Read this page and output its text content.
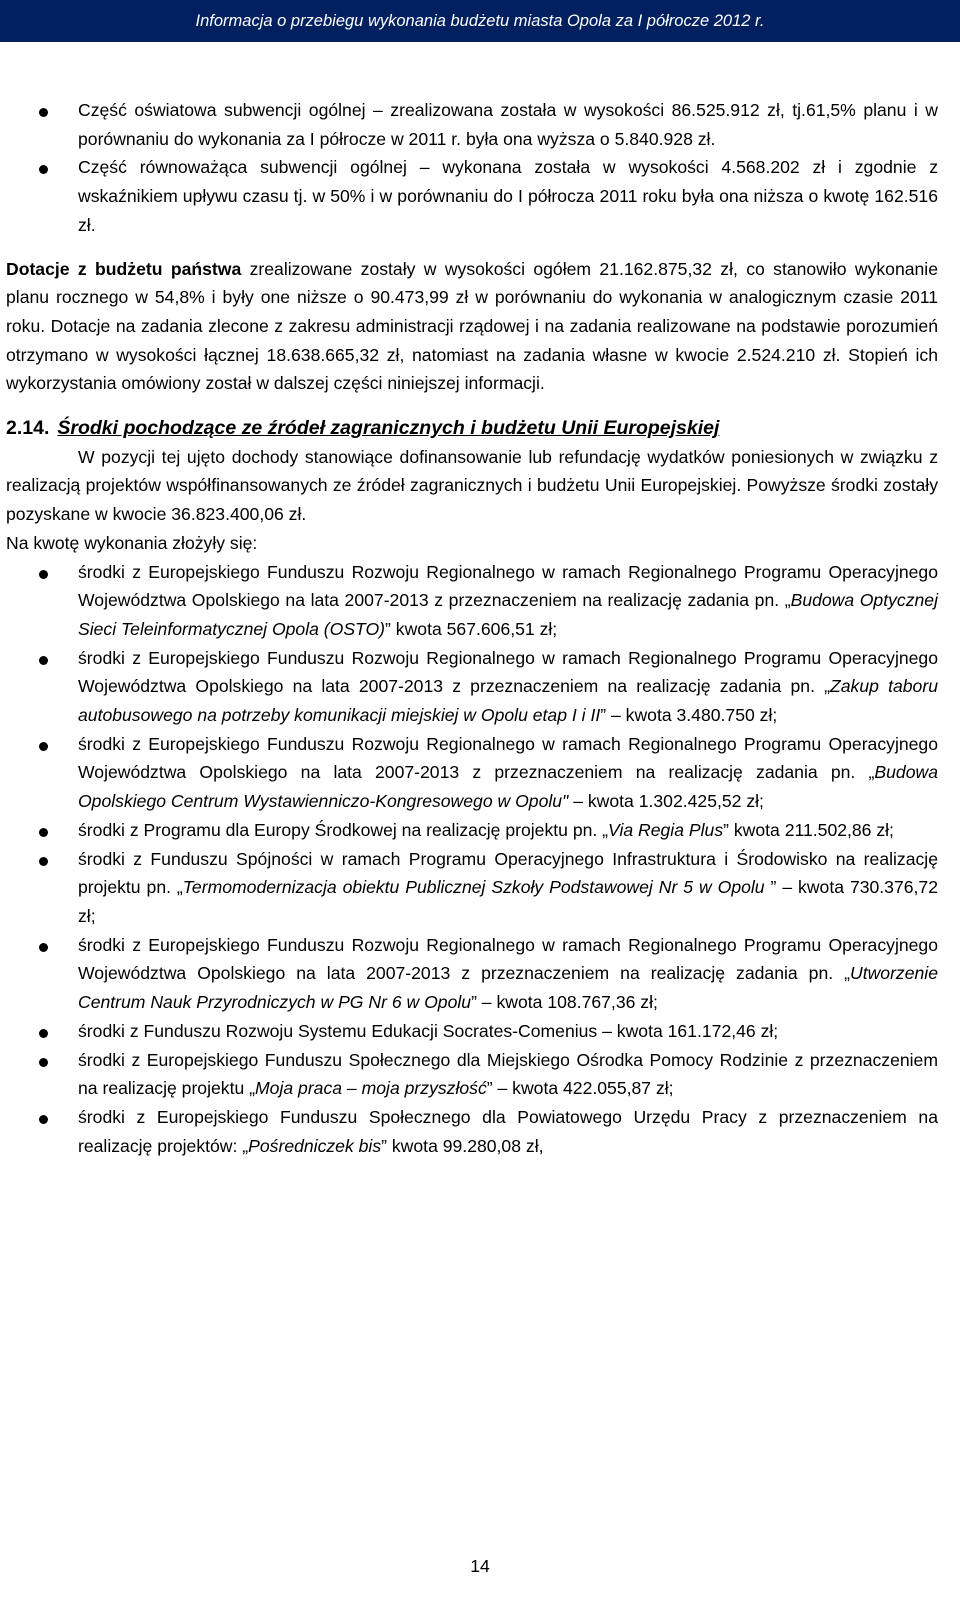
Informacja o przebiegu wykonania budżetu miasta Opola za I półrocze 2012 r.
Część oświatowa subwencji ogólnej – zrealizowana została w wysokości 86.525.912 zł, tj.61,5% planu i w porównaniu do wykonania za I półrocze w 2011 r. była ona wyższa o 5.840.928 zł.
Część równoważąca subwencji ogólnej – wykonana została w wysokości 4.568.202 zł i zgodnie z wskaźnikiem upływu czasu tj. w 50% i w porównaniu do I półrocza 2011 roku była ona niższa o kwotę 162.516 zł.

Dotacje z budżetu państwa zrealizowane zostały w wysokości ogółem 21.162.875,32 zł, co stanowiło wykonanie planu rocznego w 54,8% i były one niższe o 90.473,99 zł w porównaniu do wykonania w analogicznym czasie 2011 roku. Dotacje na zadania zlecone z zakresu administracji rządowej i na zadania realizowane na podstawie porozumień otrzymano w wysokości łącznej 18.638.665,32 zł, natomiast na zadania własne w kwocie 2.524.210 zł. Stopień ich wykorzystania omówiony został w dalszej części niniejszej informacji.

2.14. Środki pochodzące ze źródeł zagranicznych i budżetu Unii Europejskiej

W pozycji tej ujęto dochody stanowiące dofinansowanie lub refundację wydatków poniesionych w związku z realizacją projektów współfinansowanych ze źródeł zagranicznych i budżetu Unii Europejskiej. Powyższe środki zostały pozyskane w kwocie 36.823.400,06 zł.

Na kwotę wykonania złożyły się:

środki z Europejskiego Funduszu Rozwoju Regionalnego w ramach Regionalnego Programu Operacyjnego Województwa Opolskiego na lata 2007-2013 z przeznaczeniem na realizację zadania pn. „Budowa Optycznej Sieci Teleinformatycznej Opola (OSTO)” kwota 567.606,51 zł;
środki z Europejskiego Funduszu Rozwoju Regionalnego w ramach Regionalnego Programu Operacyjnego Województwa Opolskiego na lata 2007-2013 z przeznaczeniem na realizację zadania pn. „Zakup taboru autobusowego na potrzeby komunikacji miejskiej w Opolu etap I i II” – kwota 3.480.750 zł;
środki z Europejskiego Funduszu Rozwoju Regionalnego w ramach Regionalnego Programu Operacyjnego Województwa Opolskiego na lata 2007-2013 z przeznaczeniem na realizację zadania pn. „Budowa Opolskiego Centrum Wystawienniczo-Kongresowego w Opolu" – kwota 1.302.425,52 zł;
środki z Programu dla Europy Środkowej na realizację projektu pn. „Via Regia Plus” kwota 211.502,86 zł;
środki z Funduszu Spójności w ramach Programu Operacyjnego Infrastruktura i Środowisko na realizację projektu pn. „Termomodernizacja obiektu Publicznej Szkoły Podstawowej Nr 5 w Opolu ” – kwota 730.376,72 zł;
środki z Europejskiego Funduszu Rozwoju Regionalnego w ramach Regionalnego Programu Operacyjnego Województwa Opolskiego na lata 2007-2013 z przeznaczeniem na realizację zadania pn. „Utworzenie Centrum Nauk Przyrodniczych w PG Nr 6 w Opolu” – kwota 108.767,36 zł;
środki z Funduszu Rozwoju Systemu Edukacji Socrates-Comenius – kwota 161.172,46 zł;
środki z Europejskiego Funduszu Społecznego dla Miejskiego Ośrodka Pomocy Rodzinie z przeznaczeniem na realizację projektu „Moja praca – moja przyszłość” – kwota 422.055,87 zł;
środki z Europejskiego Funduszu Społecznego dla Powiatowego Urzędu Pracy z przeznaczeniem na realizację projektów: „Pośredniczek bis” kwota 99.280,08 zł,
14
